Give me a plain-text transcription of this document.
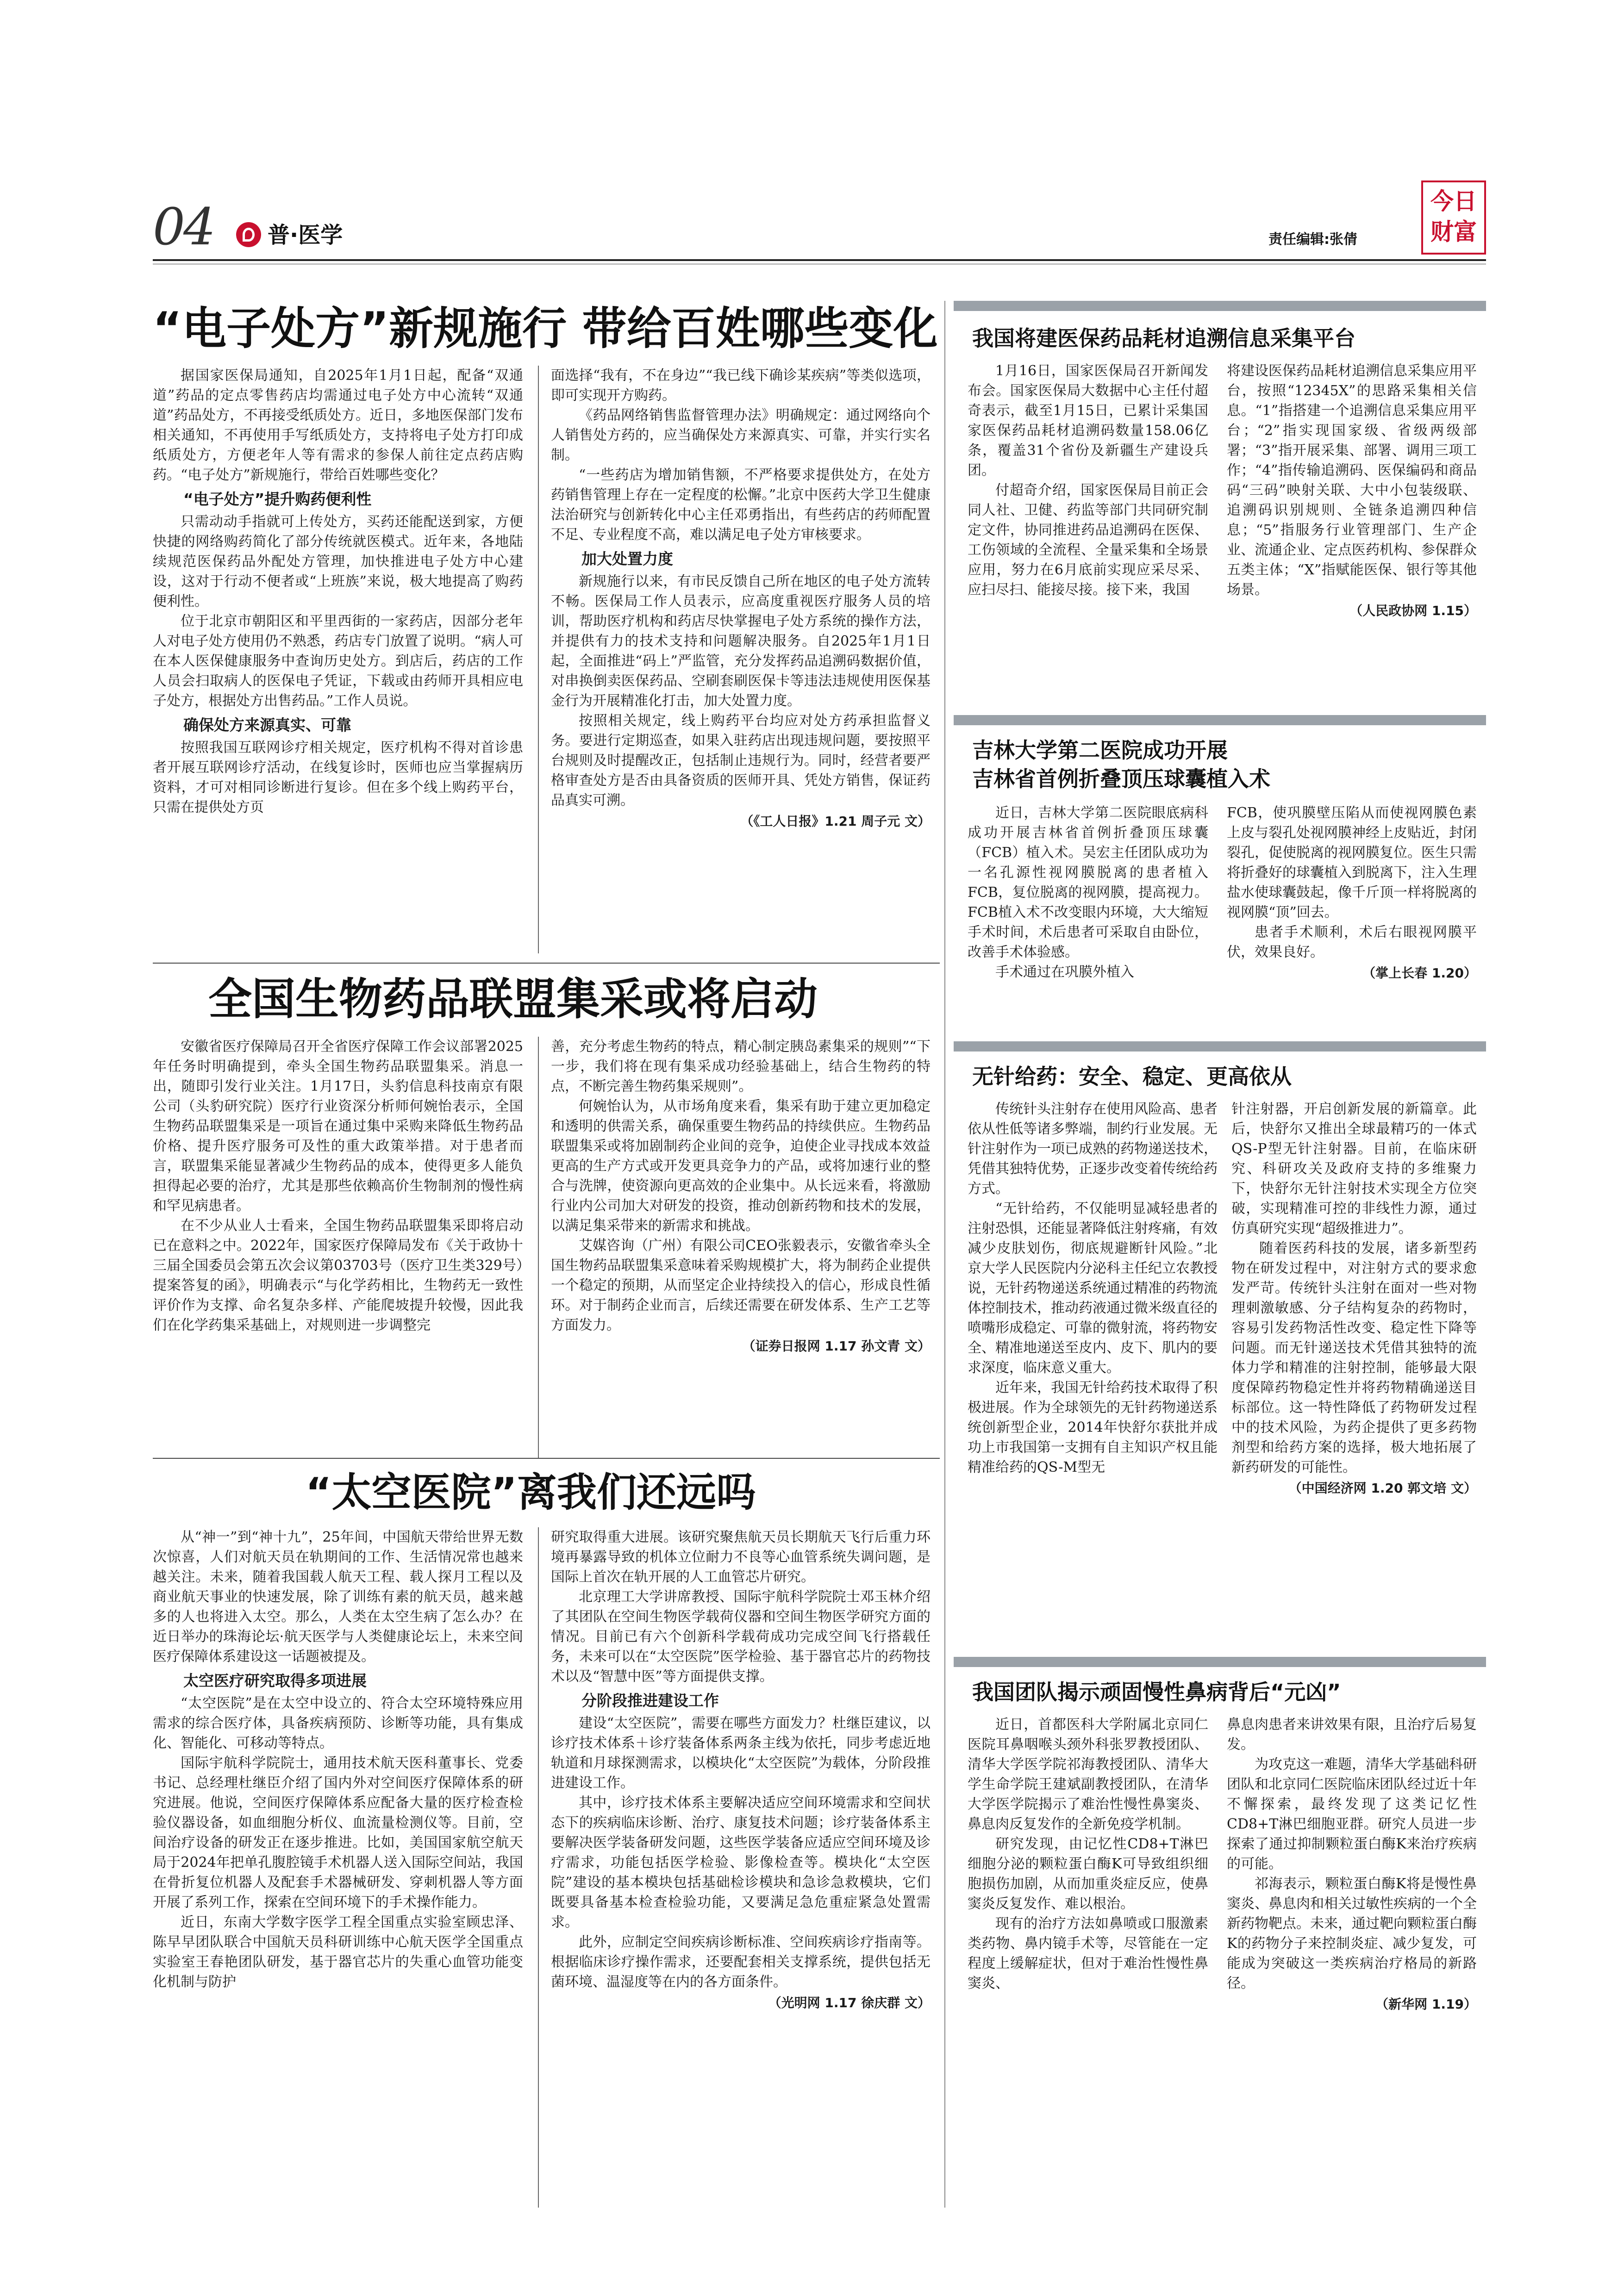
04 普·医学	责任编辑:张倩
今日
财富
“电子处方”新规施行 带给百姓哪些变化

据国家医保局通知，自2025年1月1日起，配备“双通道”药品的定点零售药店均需通过电子处方中心流转“双通道”药品处方，不再接受纸质处方。近日，多地医保部门发布相关通知，不再使用手写纸质处方，支持将电子处方打印成纸质处方，方便老年人等有需求的参保人前往定点药店购药。“电子处方”新规施行，带给百姓哪些变化？

“电子处方”提升购药便利性

只需动动手指就可上传处方，买药还能配送到家，方便快捷的网络购药简化了部分传统就医模式。近年来，各地陆续规范医保药品外配处方管理，加快推进电子处方中心建设，这对于行动不便者或“上班族”来说，极大地提高了购药便利性。

位于北京市朝阳区和平里西街的一家药店，因部分老年人对电子处方使用仍不熟悉，药店专门放置了说明。“病人可在本人医保健康服务中查询历史处方。到店后，药店的工作人员会扫取病人的医保电子凭证，下载或由药师开具相应电子处方，根据处方出售药品。”工作人员说。

确保处方来源真实、可靠

按照我国互联网诊疗相关规定，医疗机构不得对首诊患者开展互联网诊疗活动，在线复诊时，医师也应当掌握病历资料，才可对相同诊断进行复诊。但在多个线上购药平台，只需在提供处方页

面选择“我有，不在身边”“我已线下确诊某疾病”等类似选项，即可实现开方购药。

《药品网络销售监督管理办法》明确规定：通过网络向个人销售处方药的，应当确保处方来源真实、可靠，并实行实名制。

“一些药店为增加销售额，不严格要求提供处方，在处方药销售管理上存在一定程度的松懈。”北京中医药大学卫生健康法治研究与创新转化中心主任邓勇指出，有些药店的药师配置不足、专业程度不高，难以满足电子处方审核要求。

加大处置力度

新规施行以来，有市民反馈自己所在地区的电子处方流转不畅。医保局工作人员表示，应高度重视医疗服务人员的培训，帮助医疗机构和药店尽快掌握电子处方系统的操作方法，并提供有力的技术支持和问题解决服务。自2025年1月1日起，全面推进“码上”严监管，充分发挥药品追溯码数据价值，对串换倒卖医保药品、空刷套刷医保卡等违法违规使用医保基金行为开展精准化打击，加大处置力度。

按照相关规定，线上购药平台均应对处方药承担监督义务。要进行定期巡查，如果入驻药店出现违规问题，要按照平台规则及时提醒改正，包括制止违规行为。同时，经营者要严格审查处方是否由具备资质的医师开具、凭处方销售，保证药品真实可溯。

（《工人日报》1.21 周子元 文）

全国生物药品联盟集采或将启动

安徽省医疗保障局召开全省医疗保障工作会议部署2025年任务时明确提到，牵头全国生物药品联盟集采。消息一出，随即引发行业关注。1月17日，头豹信息科技南京有限公司（头豹研究院）医疗行业资深分析师何婉怡表示，全国生物药品联盟集采是一项旨在通过集中采购来降低生物药品价格、提升医疗服务可及性的重大政策举措。对于患者而言，联盟集采能显著减少生物药品的成本，使得更多人能负担得起必要的治疗，尤其是那些依赖高价生物制剂的慢性病和罕见病患者。

在不少从业人士看来，全国生物药品联盟集采即将启动已在意料之中。2022年，国家医疗保障局发布《关于政协十三届全国委员会第五次会议第03703号（医疗卫生类329号）提案答复的函》，明确表示“与化学药相比，生物药无一致性评价作为支撑、命名复杂多样、产能爬坡提升较慢，因此我们在化学药集采基础上，对规则进一步调整完

善，充分考虑生物药的特点，精心制定胰岛素集采的规则”“下一步，我们将在现有集采成功经验基础上，结合生物药的特点，不断完善生物药集采规则”。

何婉怡认为，从市场角度来看，集采有助于建立更加稳定和透明的供需关系，确保重要生物药品的持续供应。生物药品联盟集采或将加剧制药企业间的竞争，迫使企业寻找成本效益更高的生产方式或开发更具竞争力的产品，或将加速行业的整合与洗牌，使资源向更高效的企业集中。从长远来看，将激励行业内公司加大对研发的投资，推动创新药物和技术的发展，以满足集采带来的新需求和挑战。

艾媒咨询（广州）有限公司CEO张毅表示，安徽省牵头全国生物药品联盟集采意味着采购规模扩大，将为制药企业提供一个稳定的预期，从而坚定企业持续投入的信心，形成良性循环。对于制药企业而言，后续还需要在研发体系、生产工艺等方面发力。

（证券日报网 1.17 孙文青 文）

“太空医院”离我们还远吗

从“神一”到“神十九”，25年间，中国航天带给世界无数次惊喜，人们对航天员在轨期间的工作、生活情况常也越来越关注。未来，随着我国载人航天工程、载人探月工程以及商业航天事业的快速发展，除了训练有素的航天员，越来越多的人也将进入太空。那么，人类在太空生病了怎么办？在近日举办的珠海论坛·航天医学与人类健康论坛上，未来空间医疗保障体系建设这一话题被提及。

太空医疗研究取得多项进展

“太空医院”是在太空中设立的、符合太空环境特殊应用需求的综合医疗体，具备疾病预防、诊断等功能，具有集成化、智能化、可移动等特点。

国际宇航科学院院士，通用技术航天医科董事长、党委书记、总经理杜继臣介绍了国内外对空间医疗保障体系的研究进展。他说，空间医疗保障体系应配备大量的医疗检查检验仪器设备，如血细胞分析仪、血流量检测仪等。目前，空间治疗设备的研发正在逐步推进。比如，美国国家航空航天局于2024年把单孔腹腔镜手术机器人送入国际空间站，我国在骨折复位机器人及配套手术器械研发、穿刺机器人等方面开展了系列工作，探索在空间环境下的手术操作能力。

近日，东南大学数字医学工程全国重点实验室顾忠泽、陈早早团队联合中国航天员科研训练中心航天医学全国重点实验室王春艳团队研发，基于器官芯片的失重心血管功能变化机制与防护

研究取得重大进展。该研究聚焦航天员长期航天飞行后重力环境再暴露导致的机体立位耐力不良等心血管系统失调问题，是国际上首次在轨开展的人工血管芯片研究。

北京理工大学讲席教授、国际宇航科学院院士邓玉林介绍了其团队在空间生物医学载荷仪器和空间生物医学研究方面的情况。目前已有六个创新科学载荷成功完成空间飞行搭载任务，未来可以在“太空医院”医学检验、基于器官芯片的药物技术以及“智慧中医”等方面提供支撑。

分阶段推进建设工作

建设“太空医院”，需要在哪些方面发力？杜继臣建议，以诊疗技术体系＋诊疗装备体系两条主线为依托，同步考虑近地轨道和月球探测需求，以模块化“太空医院”为载体，分阶段推进建设工作。

其中，诊疗技术体系主要解决适应空间环境需求和空间状态下的疾病临床诊断、治疗、康复技术问题；诊疗装备体系主要解决医学装备研发问题，这些医学装备应适应空间环境及诊疗需求，功能包括医学检验、影像检查等。模块化“太空医院”建设的基本模块包括基础检诊模块和急诊急救模块，它们既要具备基本检查检验功能，又要满足急危重症紧急处置需求。

此外，应制定空间疾病诊断标准、空间疾病诊疗指南等。根据临床诊疗操作需求，还要配套相关支撑系统，提供包括无菌环境、温湿度等在内的各方面条件。

（光明网 1.17 徐庆群 文）

我国将建医保药品耗材追溯信息采集平台

1月16日，国家医保局召开新闻发布会。国家医保局大数据中心主任付超奇表示，截至1月15日，已累计采集国家医保药品耗材追溯码数量158.06亿条，覆盖31个省份及新疆生产建设兵团。

付超奇介绍，国家医保局目前正会同人社、卫健、药监等部门共同研究制定文件，协同推进药品追溯码在医保、工伤领域的全流程、全量采集和全场景应用，努力在6月底前实现应采尽采、应扫尽扫、能接尽接。接下来，我国

将建设医保药品耗材追溯信息采集应用平台，按照“12345X”的思路采集相关信息。“1”指搭建一个追溯信息采集应用平台；“2”指实现国家级、省级两级部署；“3”指开展采集、部署、调用三项工作；“4”指传输追溯码、医保编码和商品码“三码”映射关联、大中小包装级联、追溯码识别规则、全链条追溯四种信息；“5”指服务行业管理部门、生产企业、流通企业、定点医药机构、参保群众五类主体；“X”指赋能医保、银行等其他场景。

（人民政协网 1.15）

吉林大学第二医院成功开展
吉林省首例折叠顶压球囊植入术

近日，吉林大学第二医院眼底病科成功开展吉林省首例折叠顶压球囊（FCB）植入术。吴宏主任团队成功为一名孔源性视网膜脱离的患者植入FCB，复位脱离的视网膜，提高视力。FCB植入术不改变眼内环境，大大缩短手术时间，术后患者可采取自由卧位，改善手术体验感。

手术通过在巩膜外植入

FCB，使巩膜壁压陷从而使视网膜色素上皮与裂孔处视网膜神经上皮贴近，封闭裂孔，促使脱离的视网膜复位。医生只需将折叠好的球囊植入到脱离下，注入生理盐水使球囊鼓起，像千斤顶一样将脱离的视网膜“顶”回去。

患者手术顺利，术后右眼视网膜平伏，效果良好。

（掌上长春 1.20）

无针给药：安全、稳定、更高依从

传统针头注射存在使用风险高、患者依从性低等诸多弊端，制约行业发展。无针注射作为一项已成熟的药物递送技术，凭借其独特优势，正逐步改变着传统给药方式。

“无针给药，不仅能明显减轻患者的注射恐惧，还能显著降低注射疼痛，有效减少皮肤划伤，彻底规避断针风险。”北京大学人民医院内分泌科主任纪立农教授说，无针药物递送系统通过精准的药物流体控制技术，推动药液通过微米级直径的喷嘴形成稳定、可靠的微射流，将药物安全、精准地递送至皮内、皮下、肌内的要求深度，临床意义重大。

近年来，我国无针给药技术取得了积极进展。作为全球领先的无针药物递送系统创新型企业，2014年快舒尔获批并成功上市我国第一支拥有自主知识产权且能精准给药的QS-M型无

针注射器，开启创新发展的新篇章。此后，快舒尔又推出全球最精巧的一体式QS-P型无针注射器。目前，在临床研究、科研攻关及政府支持的多维聚力下，快舒尔无针注射技术实现全方位突破，实现精准可控的非线性力源，通过仿真研究实现“超级推进力”。

随着医药科技的发展，诸多新型药物在研发过程中，对注射方式的要求愈发严苛。传统针头注射在面对一些对物理刺激敏感、分子结构复杂的药物时，容易引发药物活性改变、稳定性下降等问题。而无针递送技术凭借其独特的流体力学和精准的注射控制，能够最大限度保障药物稳定性并将药物精确递送目标部位。这一特性降低了药物研发过程中的技术风险，为药企提供了更多药物剂型和给药方案的选择，极大地拓展了新药研发的可能性。

（中国经济网 1.20 郭文培 文）

我国团队揭示顽固慢性鼻病背后“元凶”

近日，首都医科大学附属北京同仁医院耳鼻咽喉头颈外科张罗教授团队、清华大学医学院祁海教授团队、清华大学生命学院王建斌副教授团队，在清华大学医学院揭示了难治性慢性鼻窦炎、鼻息肉反复发作的全新免疫学机制。

研究发现，由记忆性CD8+T淋巴细胞分泌的颗粒蛋白酶K可导致组织细胞损伤加剧，从而加重炎症反应，使鼻窦炎反复发作、难以根治。

现有的治疗方法如鼻喷或口服激素类药物、鼻内镜手术等，尽管能在一定程度上缓解症状，但对于难治性慢性鼻窦炎、

鼻息肉患者来讲效果有限，且治疗后易复发。

为攻克这一难题，清华大学基础科研团队和北京同仁医院临床团队经过近十年不懈探索，最终发现了这类记忆性CD8+T淋巴细胞亚群。研究人员进一步探索了通过抑制颗粒蛋白酶K来治疗疾病的可能。

祁海表示，颗粒蛋白酶K将是慢性鼻窦炎、鼻息肉和相关过敏性疾病的一个全新药物靶点。未来，通过靶向颗粒蛋白酶K的药物分子来控制炎症、减少复发，可能成为突破这一类疾病治疗格局的新路径。

（新华网 1.19）
